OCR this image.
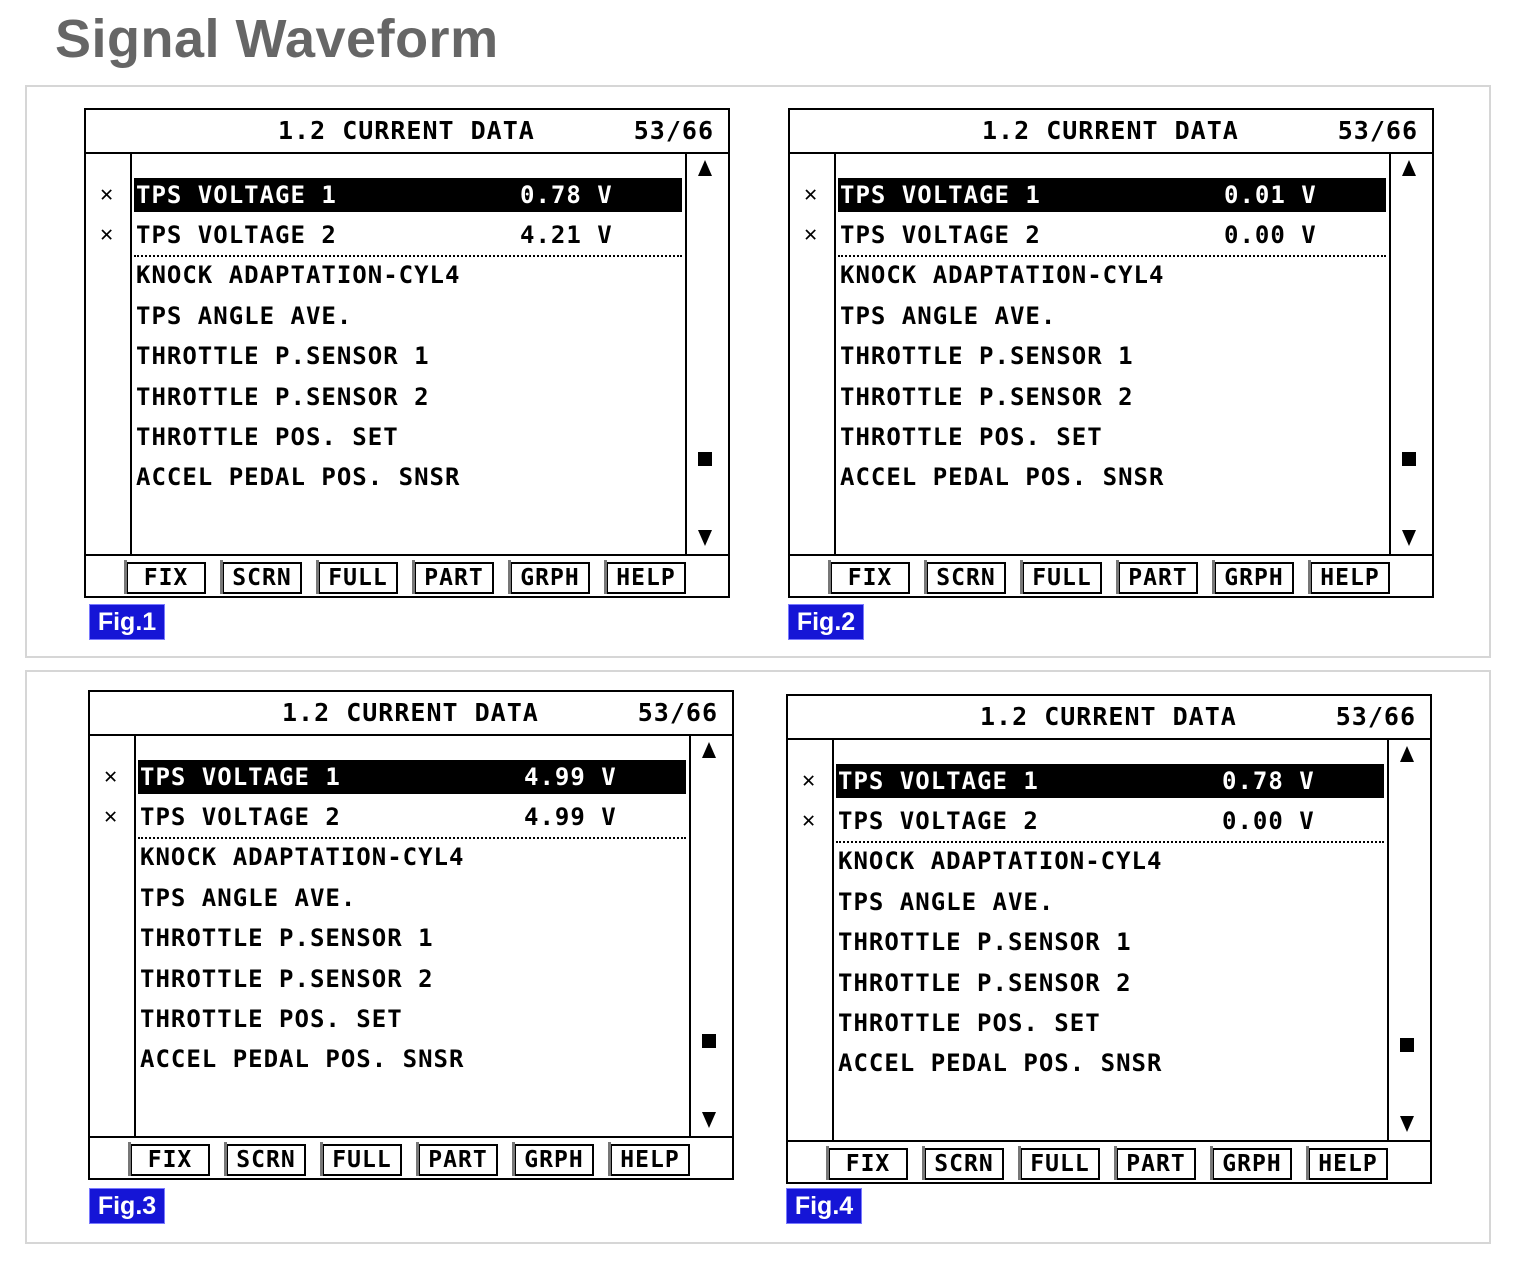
Signal Waveform
1.2 CURRENT DATA	53/66
✕ TPS VOLTAGE 1	0.78 V
✕ TPS VOLTAGE 2	4.21 V
KNOCK ADAPTATION-CYL4
TPS ANGLE AVE.
THROTTLE P.SENSOR 1
THROTTLE P.SENSOR 2
THROTTLE POS. SET
ACCEL PEDAL POS. SNSR
FIX	SCRN	FULL	PART	GRPH	HELP
Fig.1
1.2 CURRENT DATA	53/66
✕ TPS VOLTAGE 1	0.01 V
✕ TPS VOLTAGE 2	0.00 V
KNOCK ADAPTATION-CYL4
TPS ANGLE AVE.
THROTTLE P.SENSOR 1
THROTTLE P.SENSOR 2
THROTTLE POS. SET
ACCEL PEDAL POS. SNSR
FIX	SCRN	FULL	PART	GRPH	HELP
Fig.2
1.2 CURRENT DATA	53/66
✕ TPS VOLTAGE 1	4.99 V
✕ TPS VOLTAGE 2	4.99 V
KNOCK ADAPTATION-CYL4
TPS ANGLE AVE.
THROTTLE P.SENSOR 1
THROTTLE P.SENSOR 2
THROTTLE POS. SET
ACCEL PEDAL POS. SNSR
FIX	SCRN	FULL	PART	GRPH	HELP
Fig.3
1.2 CURRENT DATA	53/66
✕ TPS VOLTAGE 1	0.78 V
✕ TPS VOLTAGE 2	0.00 V
KNOCK ADAPTATION-CYL4
TPS ANGLE AVE.
THROTTLE P.SENSOR 1
THROTTLE P.SENSOR 2
THROTTLE POS. SET
ACCEL PEDAL POS. SNSR
FIX	SCRN	FULL	PART	GRPH	HELP
Fig.4
